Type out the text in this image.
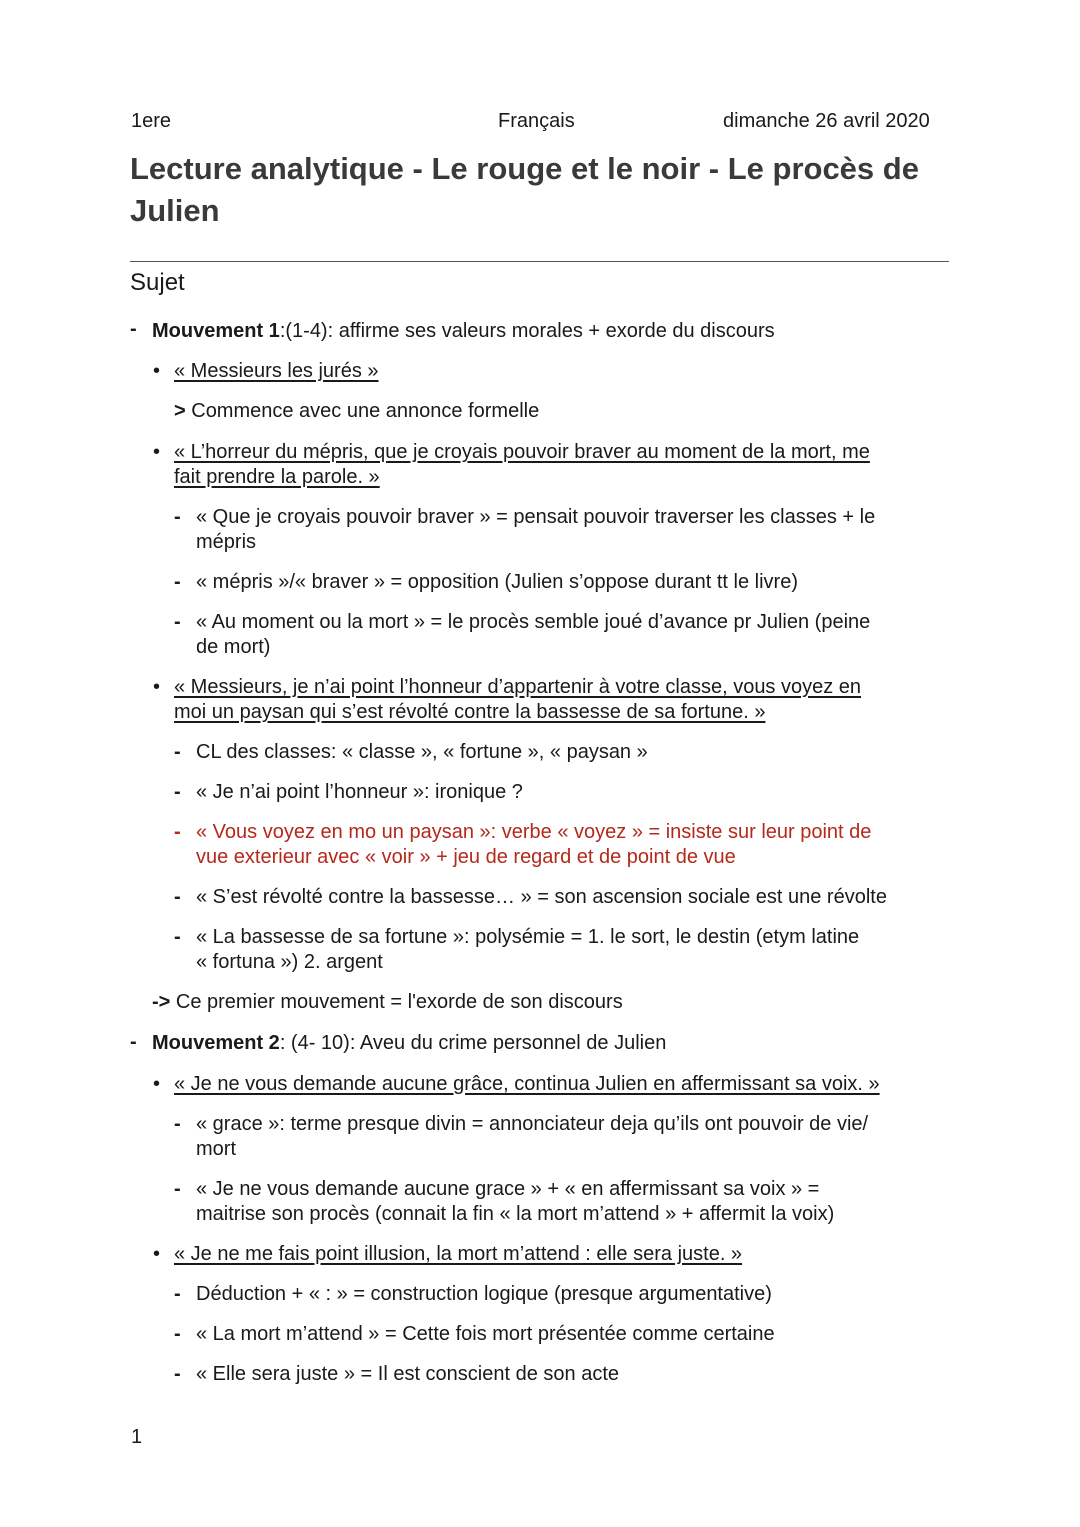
1ere	Français	dimanche 26 avril 2020
Lecture analytique - Le rouge et le noir - Le procès de Julien
Sujet
- Mouvement 1:(1-4): affirme ses valeurs morales + exorde du discours
• « Messieurs les jurés »
> Commence avec une annonce formelle
• « L’horreur du mépris, que je croyais pouvoir braver au moment de la mort, me
fait prendre la parole. »
- « Que je croyais pouvoir braver » = pensait pouvoir traverser les classes + le
mépris
- « mépris »/« braver » = opposition (Julien s’oppose durant tt le livre)
- « Au moment ou la mort » = le procès semble joué d’avance pr Julien (peine
de mort)
• « Messieurs, je n’ai point l’honneur d’appartenir à votre classe, vous voyez en
moi un paysan qui s’est révolté contre la bassesse de sa fortune. »
- CL des classes: « classe », « fortune », « paysan »
- « Je n’ai point l’honneur »: ironique ?
- « Vous voyez en mo un paysan »: verbe « voyez » = insiste sur leur point de
vue exterieur avec « voir » + jeu de regard et de point de vue
- « S’est révolté contre la bassesse… » = son ascension sociale est une révolte
- « La bassesse de sa fortune »: polysémie = 1. le sort, le destin (etym latine
« fortuna ») 2. argent
-> Ce premier mouvement = l'exorde de son discours
- Mouvement 2: (4- 10): Aveu du crime personnel de Julien
• « Je ne vous demande aucune grâce, continua Julien en affermissant sa voix. »
- « grace »: terme presque divin = annonciateur deja qu’ils ont pouvoir de vie/
mort
- « Je ne vous demande aucune grace » + « en affermissant sa voix » =
maitrise son procès (connait la fin « la mort m’attend » + affermit la voix)
• « Je ne me fais point illusion, la mort m’attend : elle sera juste. »
- Déduction + « : » = construction logique (presque argumentative)
- « La mort m’attend » = Cette fois mort présentée comme certaine
- « Elle sera juste » = Il est conscient de son acte
1
